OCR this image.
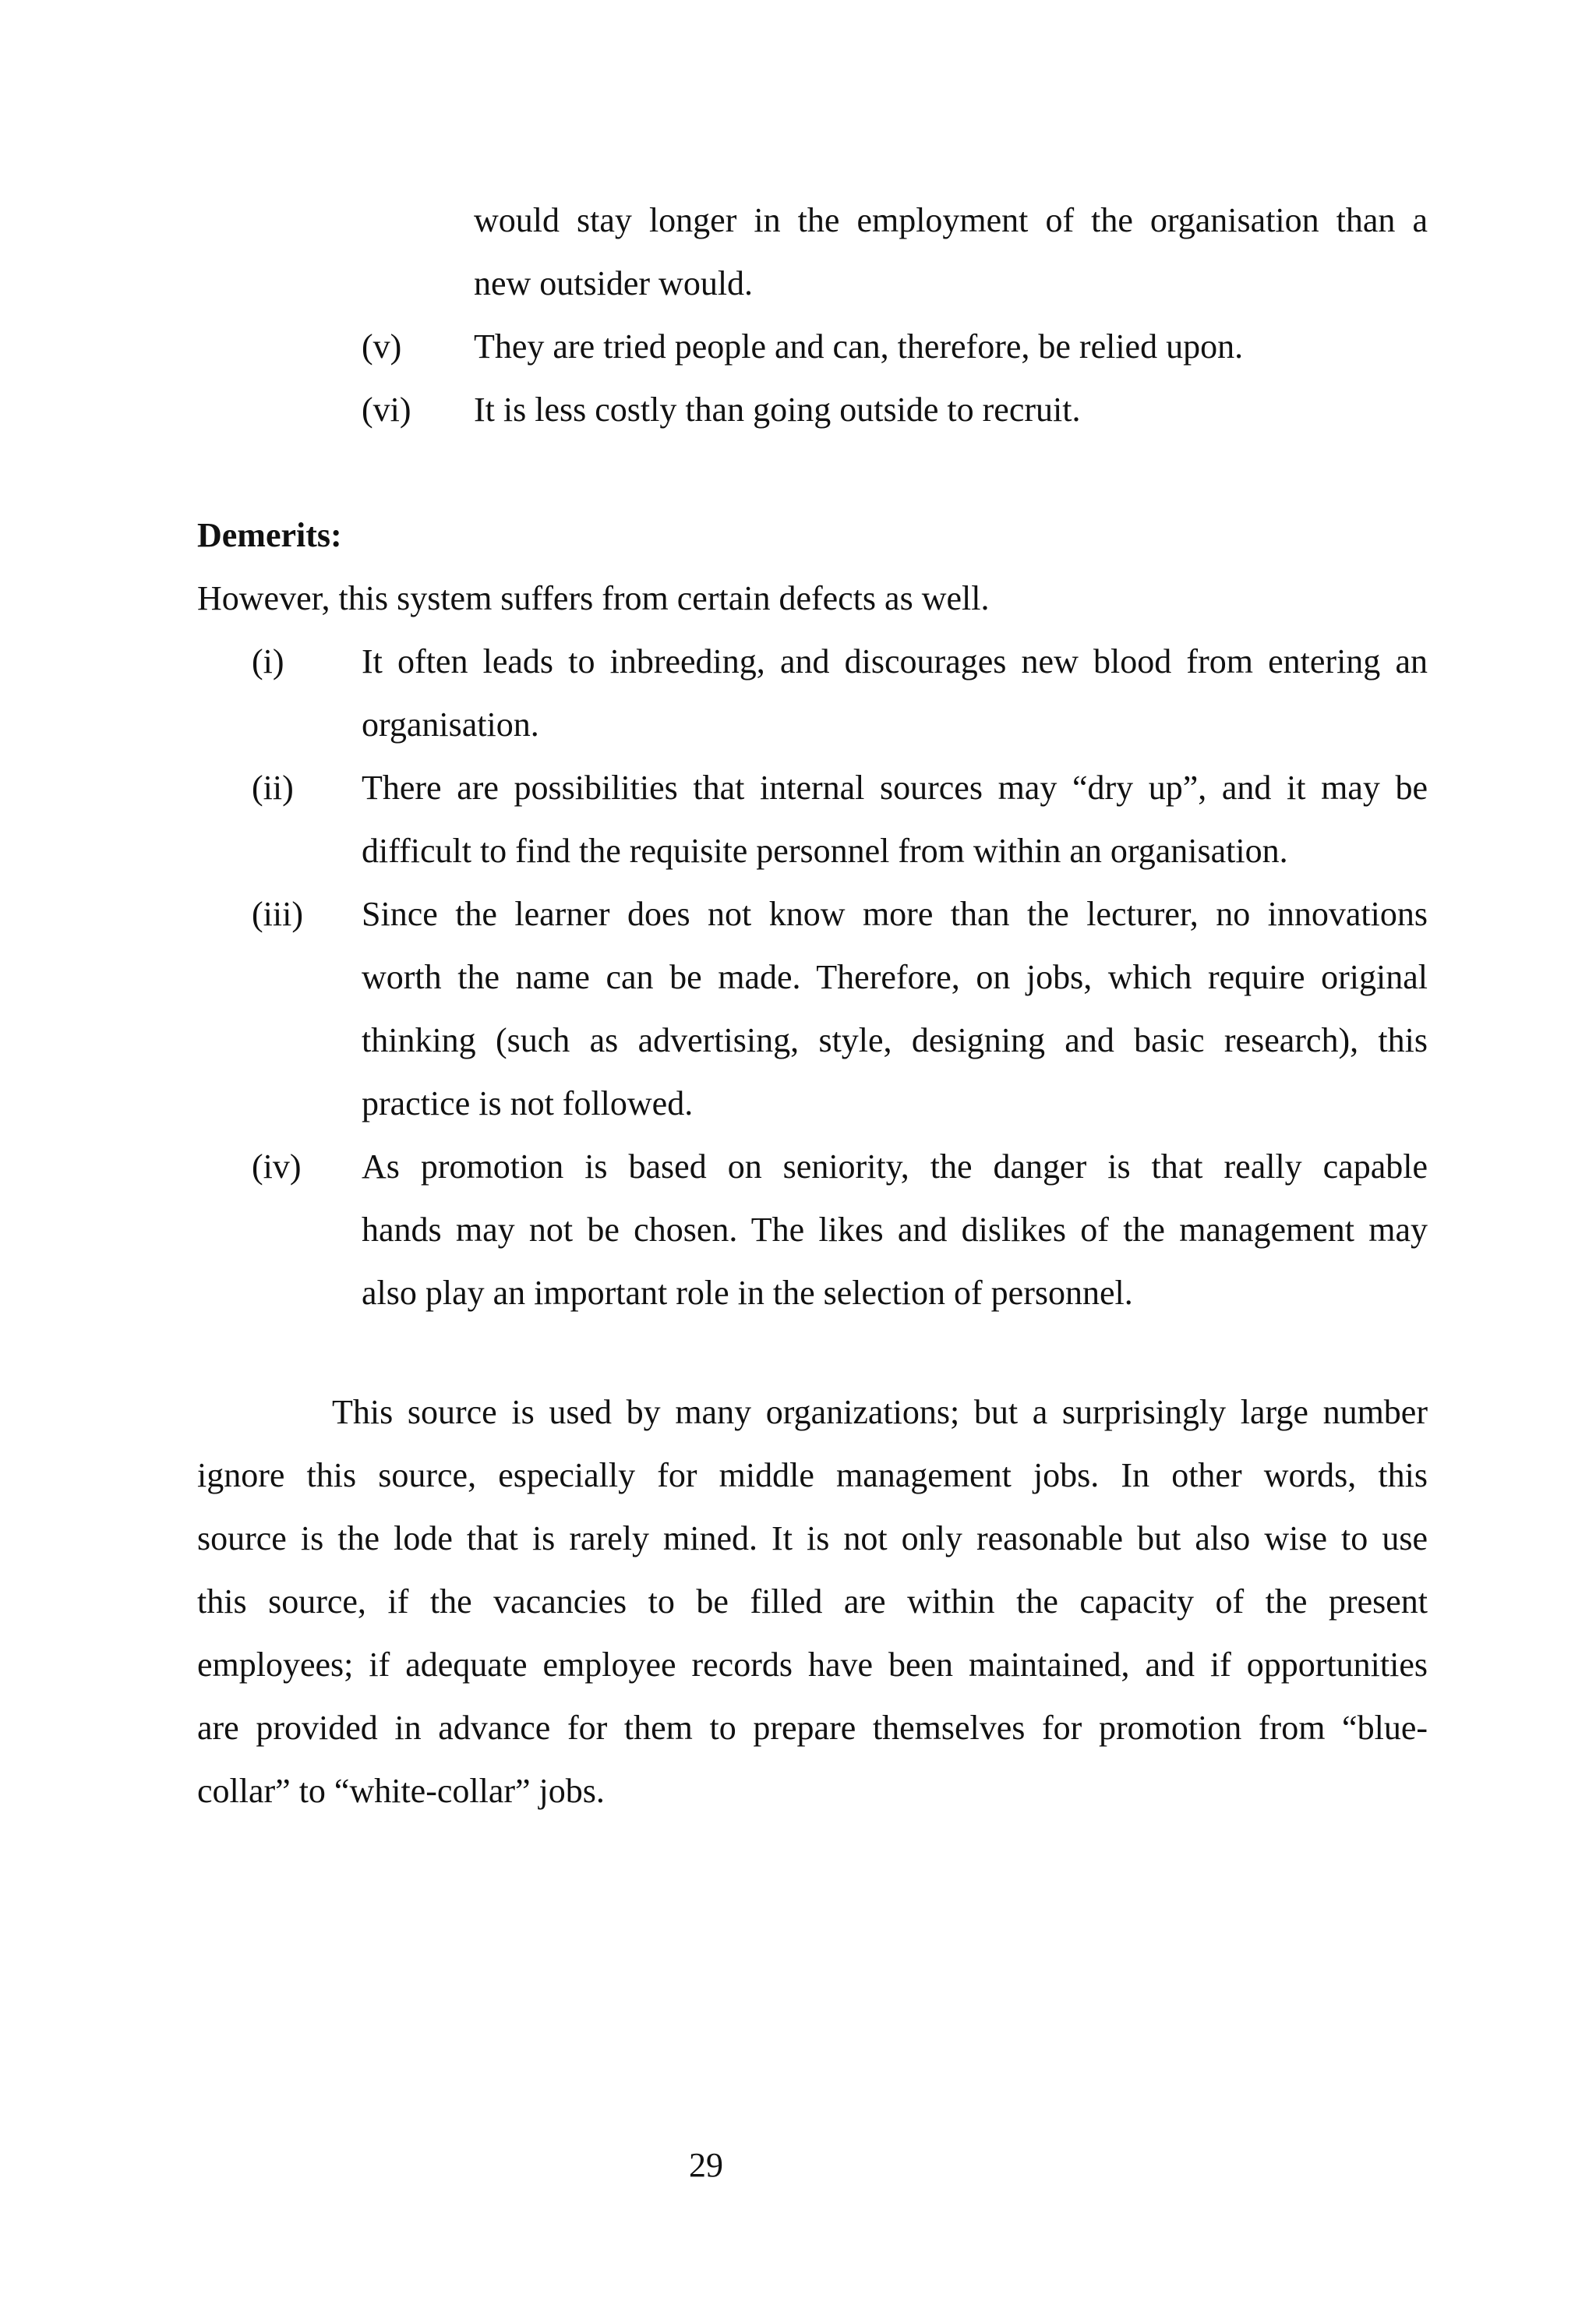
would stay longer in the employment of the organisation than a
new outsider would.
(v) They are tried people and can, therefore, be relied upon.
(vi) It is less costly than going outside to recruit.
Demerits:
However, this system suffers from certain defects as well.
(i) It often leads to inbreeding, and discourages new blood from entering an
organisation.
(ii) There are possibilities that internal sources may “dry up”, and it may be
difficult to find the requisite personnel from within an organisation.
(iii) Since the learner does not know more than the lecturer, no innovations
worth the name can be made. Therefore, on jobs, which require original
thinking (such as advertising, style, designing and basic research), this
practice is not followed.
(iv) As promotion is based on seniority, the danger is that really capable
hands may not be chosen. The likes and dislikes of the management may
also play an important role in the selection of personnel.
This source is used by many organizations; but a surprisingly large number
ignore this source, especially for middle management jobs. In other words, this
source is the lode that is rarely mined. It is not only reasonable but also wise to use
this source, if the vacancies to be filled are within the capacity of the present
employees; if adequate employee records have been maintained, and if opportunities
are provided in advance for them to prepare themselves for promotion from “blue-
collar” to “white-collar” jobs.
29
